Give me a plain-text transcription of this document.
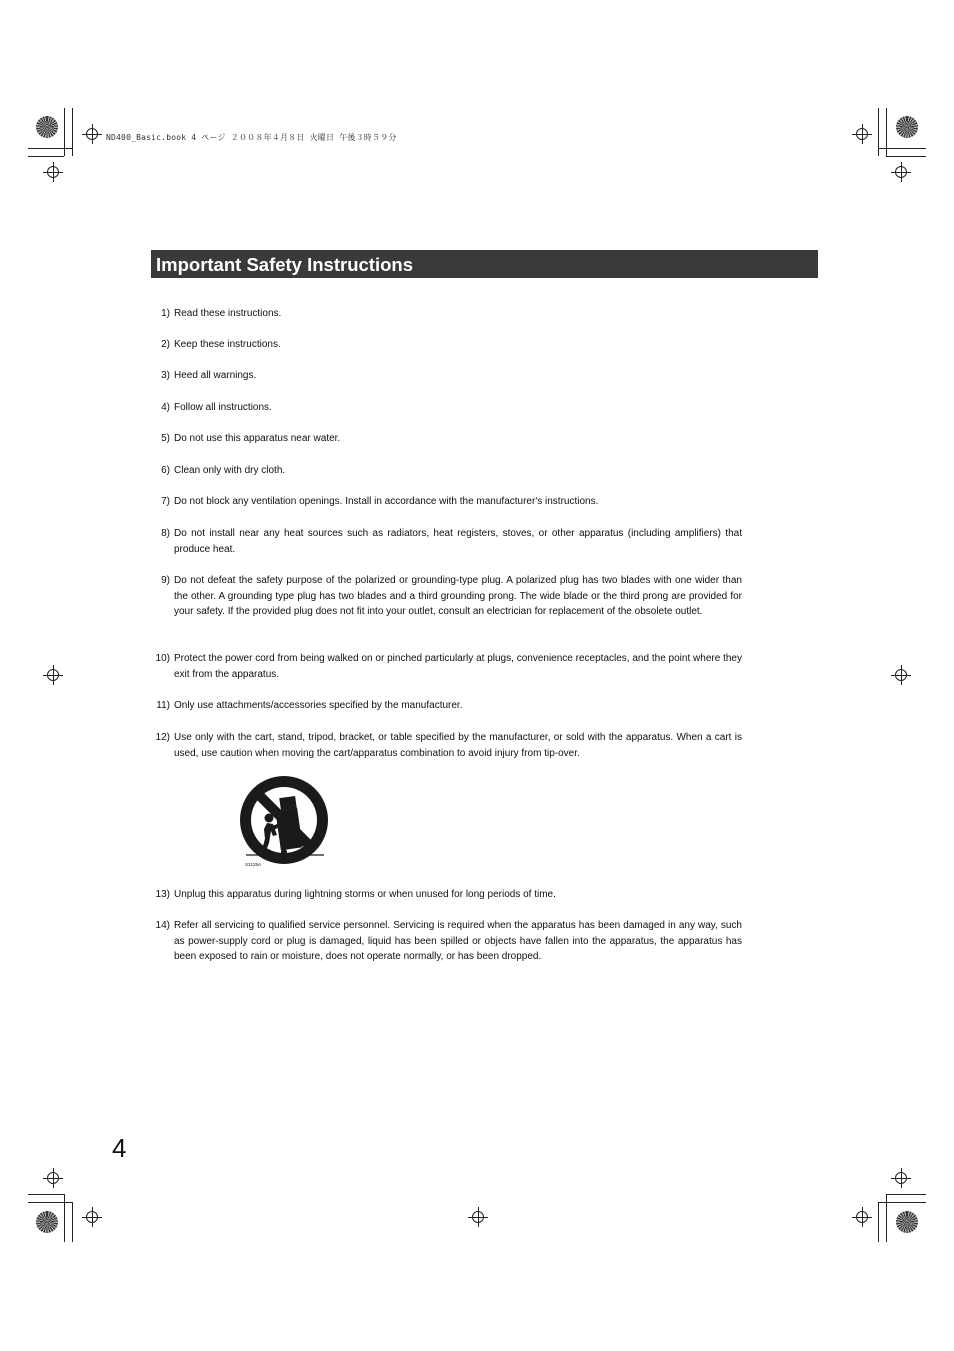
ND400_Basic.book 4 ページ ２００８年４月８日 火曜日 午後３時５９分
Important Safety Instructions
1) Read these instructions.
2) Keep these instructions.
3) Heed all warnings.
4) Follow all instructions.
5) Do not use this apparatus near water.
6) Clean only with dry cloth.
7) Do not block any ventilation openings. Install in accordance with the manufacturer's instructions.
8) Do not install near any heat sources such as radiators, heat registers, stoves, or other apparatus (including amplifiers) that produce heat.
9) Do not defeat the safety purpose of the polarized or grounding-type plug. A polarized plug has two blades with one wider than the other. A grounding type plug has two blades and a third grounding prong. The wide blade or the third prong are provided for your safety. If the provided plug does not fit into your outlet, consult an electrician for replacement of the obsolete outlet.
10) Protect the power cord from being walked on or pinched particularly at plugs, convenience receptacles, and the point where they exit from the apparatus.
11) Only use attachments/accessories specified by the manufacturer.
12) Use only with the cart, stand, tripod, bracket, or table specified by the manufacturer, or sold with the apparatus. When a cart is used, use caution when moving the cart/apparatus combination to avoid injury from tip-over.
13) Unplug this apparatus during lightning storms or when unused for long periods of time.
14) Refer all servicing to qualified service personnel. Servicing is required when the apparatus has been damaged in any way, such as power-supply cord or plug is damaged, liquid has been spilled or objects have fallen into the apparatus, the apparatus has been exposed to rain or moisture, does not operate normally, or has been dropped.
S3125A
4
